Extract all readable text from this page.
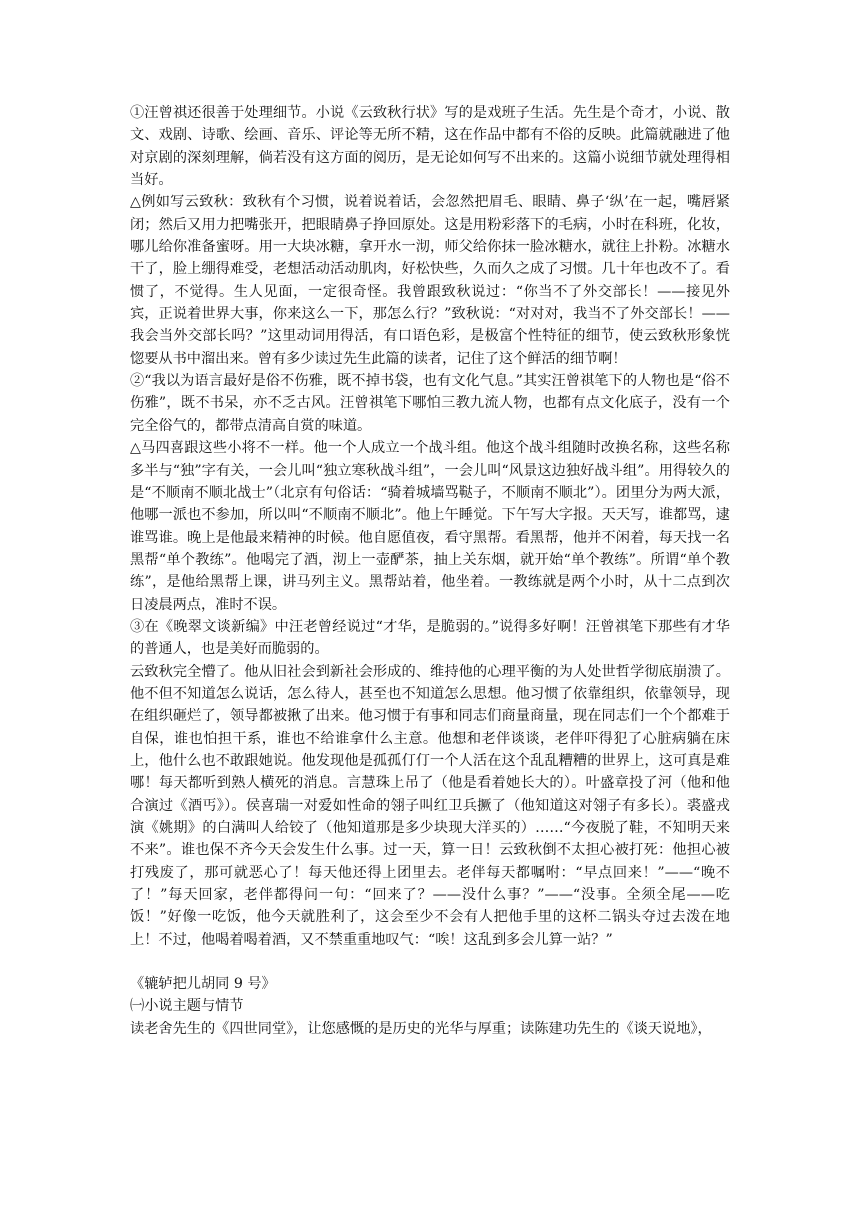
①汪曾祺还很善于处理细节。小说《云致秋行状》写的是戏班子生活。先生是个奇才，小说、散文、戏剧、诗歌、绘画、音乐、评论等无所不精，这在作品中都有不俗的反映。此篇就融进了他对京剧的深刻理解，倘若没有这方面的阅历，是无论如何写不出来的。这篇小说细节就处理得相当好。

△例如写云致秋：致秋有个习惯，说着说着话，会忽然把眉毛、眼睛、鼻子‘纵’在一起，嘴唇紧闭；然后又用力把嘴张开，把眼睛鼻子挣回原处。这是用粉彩落下的毛病，小时在科班，化妆，哪儿给你准备蜜呀。用一大块冰糖，拿开水一沏，师父给你抹一脸冰糖水，就往上扑粉。冰糖水干了，脸上绷得难受，老想活动活动肌肉，好松快些，久而久之成了习惯。几十年也改不了。看惯了，不觉得。生人见面，一定很奇怪。我曾跟致秋说过：“你当不了外交部长！——接见外宾，正说着世界大事，你来这么一下，那怎么行？”致秋说：“对对对，我当不了外交部长！——我会当外交部长吗？”这里动词用得活，有口语色彩，是极富个性特征的细节，使云致秋形象恍惚要从书中溜出来。曾有多少读过先生此篇的读者，记住了这个鲜活的细节啊！

②“我以为语言最好是俗不伤雅，既不掉书袋，也有文化气息。”其实汪曾祺笔下的人物也是“俗不伤雅”，既不书呆，亦不乏古风。汪曾祺笔下哪怕三教九流人物，也都有点文化底子，没有一个完全俗气的，都带点清高自赏的味道。

△马四喜跟这些小将不一样。他一个人成立一个战斗组。他这个战斗组随时改换名称，这些名称多半与“独”字有关，一会儿叫“独立寒秋战斗组”，一会儿叫“风景这边独好战斗组”。用得较久的是“不顺南不顺北战士”（北京有句俗话：“骑着城墙骂鞑子，不顺南不顺北”）。团里分为两大派，他哪一派也不参加，所以叫“不顺南不顺北”。他上午睡觉。下午写大字报。天天写，谁都骂，逮谁骂谁。晚上是他最来精神的时候。他自愿值夜，看守黑帮。看黑帮，他并不闲着，每天找一名黑帮“单个教练”。他喝完了酒，沏上一壶酽茶，抽上关东烟，就开始“单个教练”。所谓“单个教练”，是他给黑帮上课，讲马列主义。黑帮站着，他坐着。一教练就是两个小时，从十二点到次日凌晨两点，准时不误。

③在《晚翠文谈新编》中汪老曾经说过“才华，是脆弱的。”说得多好啊！汪曾祺笔下那些有才华的普通人，也是美好而脆弱的。

云致秋完全懵了。他从旧社会到新社会形成的、维持他的心理平衡的为人处世哲学彻底崩溃了。他不但不知道怎么说话，怎么待人，甚至也不知道怎么思想。他习惯了依靠组织，依靠领导，现在组织砸烂了，领导都被揪了出来。他习惯于有事和同志们商量商量，现在同志们一个个都难于自保，谁也怕担干系，谁也不给谁拿什么主意。他想和老伴谈谈，老伴吓得犯了心脏病躺在床上，他什么也不敢跟她说。他发现他是孤孤仃仃一个人活在这个乱乱糟糟的世界上，这可真是难哪！每天都听到熟人横死的消息。言慧珠上吊了（他是看着她长大的）。叶盛章投了河（他和他合演过《酒丐》）。侯喜瑞一对爱如性命的翎子叫红卫兵撅了（他知道这对翎子有多长）。裘盛戎演《姚期》的白满叫人给铰了（他知道那是多少块现大洋买的）……“今夜脱了鞋，不知明天来不来”。谁也保不齐今天会发生什么事。过一天，算一日！云致秋倒不太担心被打死：他担心被打残废了，那可就恶心了！每天他还得上团里去。老伴每天都嘱咐：“早点回来！”——“晚不了！”每天回家，老伴都得问一句：“回来了？——没什么事？”——“没事。全须全尾——吃饭！”好像一吃饭，他今天就胜利了，这会至少不会有人把他手里的这杯二锅头夺过去泼在地上！不过，他喝着喝着酒，又不禁重重地叹气：“唉！这乱到多会儿算一站？”

《辘轳把儿胡同 9 号》

㈠小说主题与情节

读老舍先生的《四世同堂》，让您感慨的是历史的光华与厚重；读陈建功先生的《谈天说地》，
